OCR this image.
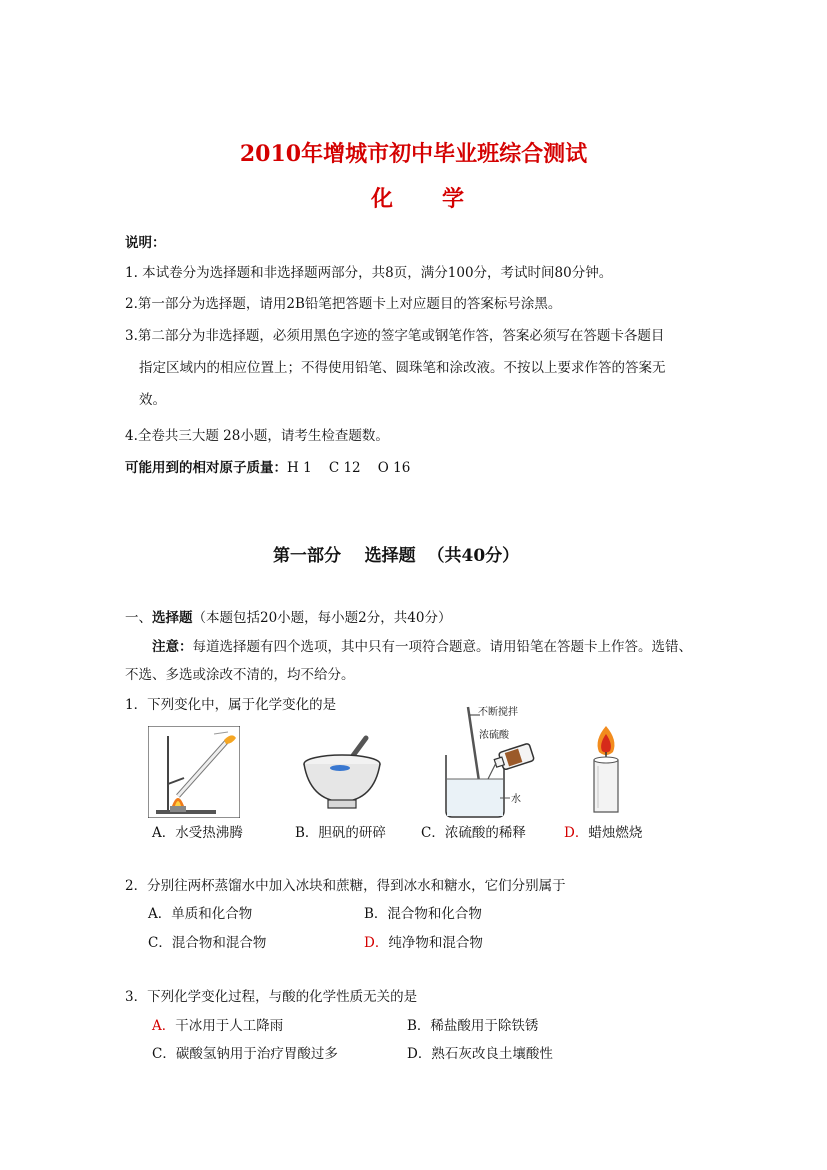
2010年增城市初中毕业班综合测试
化 学
说明：
1. 本试卷分为选择题和非选择题两部分，共8页，满分100分，考试时间80分钟。
2.第一部分为选择题，请用2B铅笔把答题卡上对应题目的答案标号涂黑。
3.第二部分为非选择题，必须用黑色字迹的签字笔或钢笔作答，答案必须写在答题卡各题目
指定区域内的相应位置上；不得使用铅笔、圆珠笔和涂改液。不按以上要求作答的答案无
效。
4.全卷共三大题 28小题，请考生检查题数。
可能用到的相对原子质量：H 1    C 12    O 16
第一部分    选择题  （共40分）
一、选择题（本题包括20小题，每小题2分，共40分）
注意：每道选择题有四个选项，其中只有一项符合题意。请用铅笔在答题卡上作答。选错、
不选、多选或涂改不清的，均不给分。
1．下列变化中，属于化学变化的是	不断搅拌
浓硫酸
水
A．水受热沸腾	B．胆矾的研碎	C．浓硫酸的稀释	D．蜡烛燃烧
2．分别往两杯蒸馏水中加入冰块和蔗糖，得到冰水和糖水，它们分别属于
A．单质和化合物	B．混合物和化合物
C．混合物和混合物	D．纯净物和混合物
3．下列化学变化过程，与酸的化学性质无关的是
A．干冰用于人工降雨	B．稀盐酸用于除铁锈
C．碳酸氢钠用于治疗胃酸过多	D．熟石灰改良土壤酸性
